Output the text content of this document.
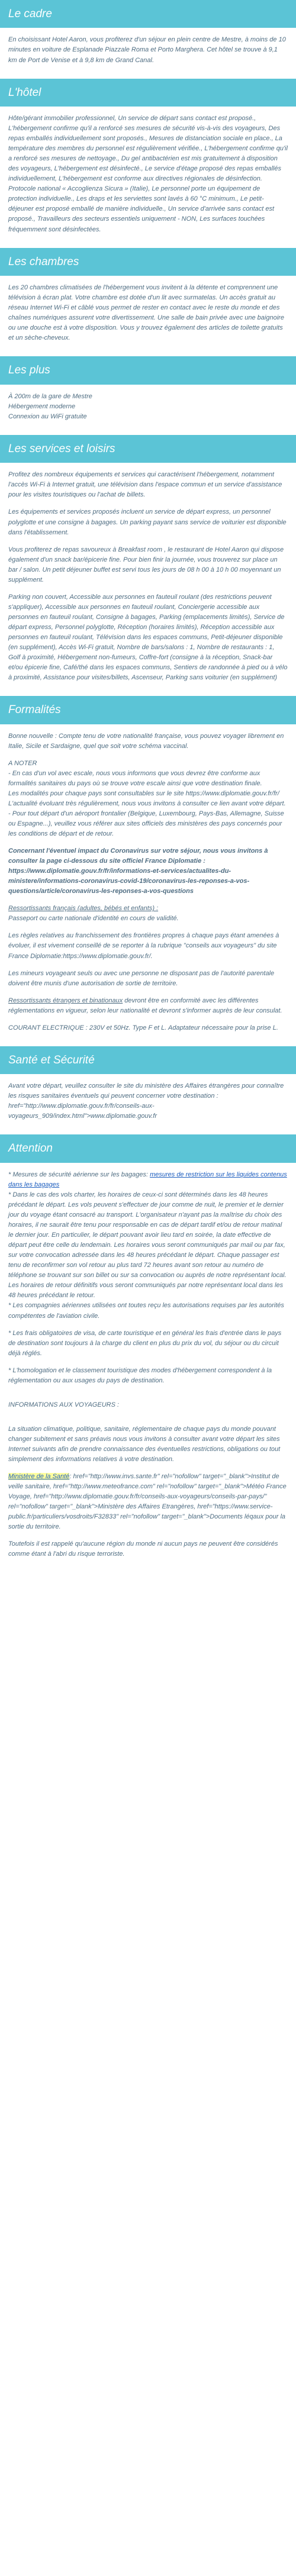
Le cadre

En choisissant Hotel Aaron, vous profiterez d'un séjour en plein centre de Mestre, à moins de 10 minutes en voiture de Esplanade Piazzale Roma et Porto Marghera. Cet hôtel se trouve à 9,1 km de Port de Venise et à 9,8 km de Grand Canal.

L'hôtel

Hôte/gérant immobilier professionnel, Un service de départ sans contact est proposé., L'hébergement confirme qu'il a renforcé ses mesures de sécurité vis-à-vis des voyageurs, Des repas emballés individuellement sont proposés., Mesures de distanciation sociale en place., La température des membres du personnel est régulièrement vérifiée., L'hébergement confirme qu'il a renforcé ses mesures de nettoyage., Du gel antibactérien est mis gratuitement à disposition des voyageurs, L'hébergement est désinfecté., Le service d'étage proposé des repas emballés individuellement, L'hébergement est conforme aux directives régionales de désinfection. Protocole national « Accoglienza Sicura » (Italie), Le personnel porte un équipement de protection individuelle., Les draps et les serviettes sont lavés à 60 °C minimum., Le petit-déjeuner est proposé emballé de manière individuelle., Un service d'arrivée sans contact est proposé., Travailleurs des secteurs essentiels uniquement - NON, Les surfaces touchées fréquemment sont désinfectées.

Les chambres

Les 20 chambres climatisées de l'hébergement vous invitent à la détente et comprennent une télévision à écran plat. Votre chambre est dotée d'un lit avec surmatelas. Un accès gratuit au réseau Internet Wi-Fi et câblé vous permet de rester en contact avec le reste du monde et des chaînes numériques assurent votre divertissement. Une salle de bain privée avec une baignoire ou une douche est à votre disposition. Vous y trouvez également des articles de toilette gratuits et un sèche-cheveux.

Les plus
À 200m de la gare de Mestre
Hébergement moderne
Connexion au WiFi gratuite
Les services et loisirs

Profitez des nombreux équipements et services qui caractérisent l'hébergement, notamment l'accès Wi-Fi à Internet gratuit, une télévision dans l'espace commun et un service d'assistance pour les visites touristiques ou l'achat de billets.

Les équipements et services proposés incluent un service de départ express, un personnel polyglotte et une consigne à bagages. Un parking payant sans service de voiturier est disponible dans l'établissement.

Vous profiterez de repas savoureux à Breakfast room , le restaurant de Hotel Aaron qui dispose également d'un snack bar/épicerie fine. Pour bien finir la journée, vous trouverez sur place un bar / salon. Un petit déjeuner buffet est servi tous les jours de 08 h 00 à 10 h 00 moyennant un supplément.

Parking non couvert, Accessible aux personnes en fauteuil roulant (des restrictions peuvent s'appliquer), Accessible aux personnes en fauteuil roulant, Conciergerie accessible aux personnes en fauteuil roulant, Consigne à bagages, Parking (emplacements limités), Service de départ express, Personnel polyglotte, Réception (horaires limités), Réception accessible aux personnes en fauteuil roulant, Télévision dans les espaces communs, Petit-déjeuner disponible (en supplément), Accès Wi-Fi gratuit, Nombre de bars/salons : 1, Nombre de restaurants : 1, Golf à proximité, Hébergement non-fumeurs, Coffre-fort (consigne à la réception, Snack-bar et/ou épicerie fine, Café/thé dans les espaces communs, Sentiers de randonnée à pied ou à vélo à proximité, Assistance pour visites/billets, Ascenseur, Parking sans voiturier (en supplément)

Formalités

Bonne nouvelle : Compte tenu de votre nationalité française, vous pouvez voyager librement en Italie, Sicile et Sardaigne, quel que soit votre schéma vaccinal.

A NOTER
- En cas d'un vol avec escale, nous vous informons que vous devrez être conforme aux formalités sanitaires du pays où se trouve votre escale ainsi que votre destination finale.
Les modalités pour chaque pays sont consultables sur le site https://www.diplomatie.gouv.fr/fr/ L'actualité évoluant très régulièrement, nous vous invitons à consulter ce lien avant votre départ.
- Pour tout départ d'un aéroport frontalier (Belgique, Luxembourg, Pays-Bas, Allemagne, Suisse ou Espagne...), veuillez vous référer aux sites officiels des ministères des pays concernés pour les conditions de départ et de retour.

Concernant l'éventuel impact du Coronavirus sur votre séjour, nous vous invitons à consulter la page ci-dessous du site officiel France Diplomatie : https://www.diplomatie.gouv.fr/fr/informations-et-services/actualites-du-ministere/informations-coronavirus-covid-19/coronavirus-les-reponses-a-vos-questions/article/coronavirus-les-reponses-a-vos-questions

Ressortissants français (adultes, bébés et enfants) :
Passeport ou carte nationale d'identité en cours de validité.

Les règles relatives au franchissement des frontières propres à chaque pays étant amenées à évoluer, il est vivement conseillé de se reporter à la rubrique "conseils aux voyageurs" du site France Diplomatie:https://www.diplomatie.gouv.fr/.

Les mineurs voyageant seuls ou avec une personne ne disposant pas de l'autorité parentale doivent être munis d'une autorisation de sortie de territoire.

Ressortissants étrangers et binationaux devront être en conformité avec les différentes réglementations en vigueur, selon leur nationalité et devront s'informer auprès de leur consulat.

COURANT ELECTRIQUE : 230V et 50Hz. Type F et L. Adaptateur nécessaire pour la prise L.

Santé et Sécurité

Avant votre départ, veuillez consulter le site du ministère des Affaires étrangères pour connaître les risques sanitaires éventuels qui peuvent concerner votre destination : href="http://www.diplomatie.gouv.fr/fr/conseils-aux-voyageurs_909/index.html">www.diplomatie.gouv.fr

Attention

* Mesures de sécurité aérienne sur les bagages: mesures de restriction sur les liquides contenus dans les bagages
* Dans le cas des vols charter, les horaires de ceux-ci sont déterminés dans les 48 heures précédant le départ. Les vols peuvent s'effectuer de jour comme de nuit, le premier et le dernier jour du voyage étant consacré au transport. L'organisateur n'ayant pas la maîtrise du choix des horaires, il ne saurait être tenu pour responsable en cas de départ tardif et/ou de retour matinal le dernier jour. En particulier, le départ pouvant avoir lieu tard en soirée, la date effective de départ peut être celle du lendemain. Les horaires vous seront communiqués par mail ou par fax, sur votre convocation adressée dans les 48 heures précédant le départ. Chaque passager est tenu de reconfirmer son vol retour au plus tard 72 heures avant son retour au numéro de téléphone se trouvant sur son billet ou sur sa convocation ou auprès de notre représentant local. Les horaires de retour définitifs vous seront communiqués par notre représentant local dans les 48 heures précédant le retour.
* Les compagnies aériennes utilisées ont toutes reçu les autorisations requises par les autorités compétentes de l'aviation civile.

* Les frais obligatoires de visa, de carte touristique et en général les frais d'entrée dans le pays de destination sont toujours à la charge du client en plus du prix du vol, du séjour ou du circuit déjà réglés.

* L'homologation et le classement touristique des modes d'hébergement correspondent à la réglementation ou aux usages du pays de destination.

INFORMATIONS AUX VOYAGEURS :

La situation climatique, politique, sanitaire, réglementaire de chaque pays du monde pouvant changer subitement et sans préavis nous vous invitons à consulter avant votre départ les sites Internet suivants afin de prendre connaissance des éventuelles restrictions, obligations ou tout simplement des informations relatives à votre destination.

Ministère de la Santé: href="http://www.invs.sante.fr" rel="nofollow" target="_blank">Institut de veille sanitaire, href="http://www.meteofrance.com" rel="nofollow" target="_blank">Météo France Voyage, href="http://www.diplomatie.gouv.fr/fr/conseils-aux-voyageurs/conseils-par-pays/" rel="nofollow" target="_blank">Ministère des Affaires Etrangères, href="https://www.service-public.fr/particuliers/vosdroits/F32833" rel="nofollow" target="_blank">Documents léqaux pour la sortie du territoire.

Toutefois il est rappelé qu'aucune région du monde ni aucun pays ne peuvent être considérés comme étant à l'abri du risque terroriste.
